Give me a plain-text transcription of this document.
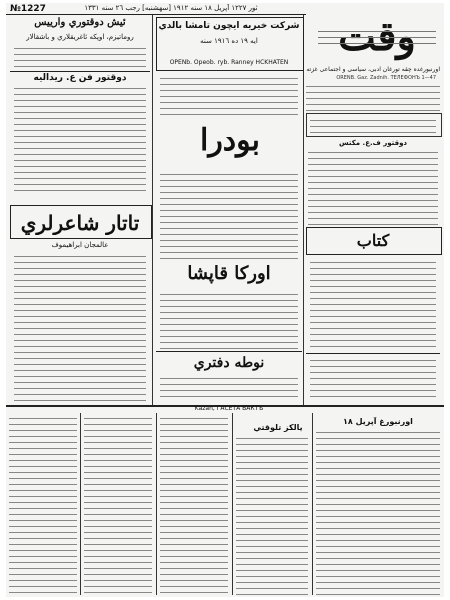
№1227	ثور ١٢٢٧ آپريل ١٨ سنه ١٩١٢ [سهشنبه] رجب ٢٦ سنه ١٣٣١
اورنبورغده چقه تورغان ادبی، سیاسی و اجتماعی غزته
ORENB. Gaz. Zadnih. ТЕЛЕФОНЪ 1—47
دوقتور ف.ع. مكتس
ئيش دوقتوري وارييس
روماتيزم، اوپكه ئاغريقلاري و باشقالار
دوقتور فن ع. ريداليه
تاتار شاعرلري
عالمجان ابراهيموف
شركت خيريه ايچون تامشا بالدي
ايه ١٩ ده ١٩١٦ سنه
OPENb. Opeob. ryb. Ranney HCKHATEN
بودرا
اوركا قاپشا
نوطه دفتري
كتاب
Kazan, ГАСЕТА ВАКТЪ
اورنبورغ آپريل ١٨
يالكز تلوقتي
